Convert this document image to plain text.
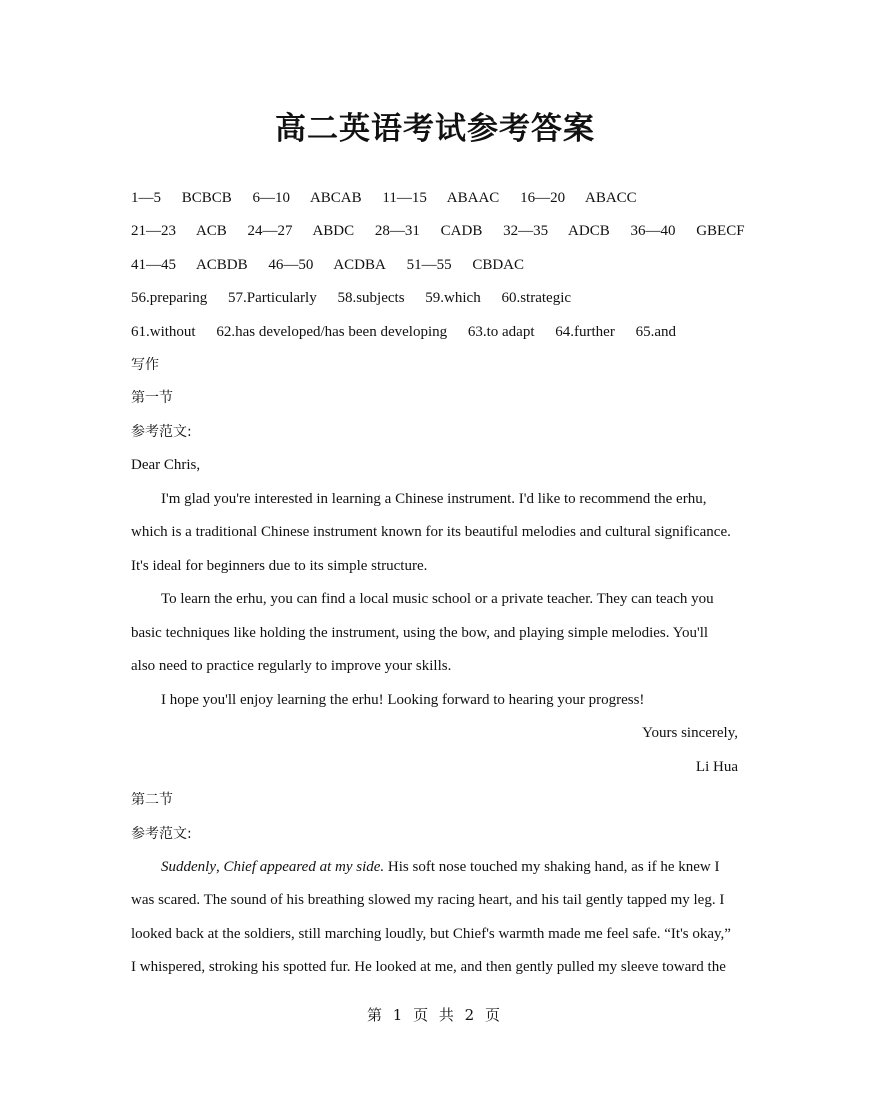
高二英语考试参考答案
1—5 BCBCB 6—10 ABCAB 11—15 ABAAC 16—20 ABACC
21—23 ACB 24—27 ABDC 28—31 CADB 32—35 ADCB 36—40 GBECF
41—45 ACBDB 46—50 ACDBA 51—55 CBDAC
56.preparing 57.Particularly 58.subjects 59.which 60.strategic
61.without 62.has developed/has been developing 63.to adapt 64.further 65.and
写作
第一节
参考范文:
Dear Chris,
I'm glad you're interested in learning a Chinese instrument. I'd like to recommend the erhu,
which is a traditional Chinese instrument known for its beautiful melodies and cultural significance.
It's ideal for beginners due to its simple structure.
To learn the erhu, you can find a local music school or a private teacher. They can teach you
basic techniques like holding the instrument, using the bow, and playing simple melodies. You'll
also need to practice regularly to improve your skills.
I hope you'll enjoy learning the erhu! Looking forward to hearing your progress!
Yours sincerely,
Li Hua
第二节
参考范文:
Suddenly, Chief appeared at my side. His soft nose touched my shaking hand, as if he knew I
was scared. The sound of his breathing slowed my racing heart, and his tail gently tapped my leg. I
looked back at the soldiers, still marching loudly, but Chief's warmth made me feel safe. “It's okay,”
I whispered, stroking his spotted fur. He looked at me, and then gently pulled my sleeve toward the
第 1 页 共 2 页
